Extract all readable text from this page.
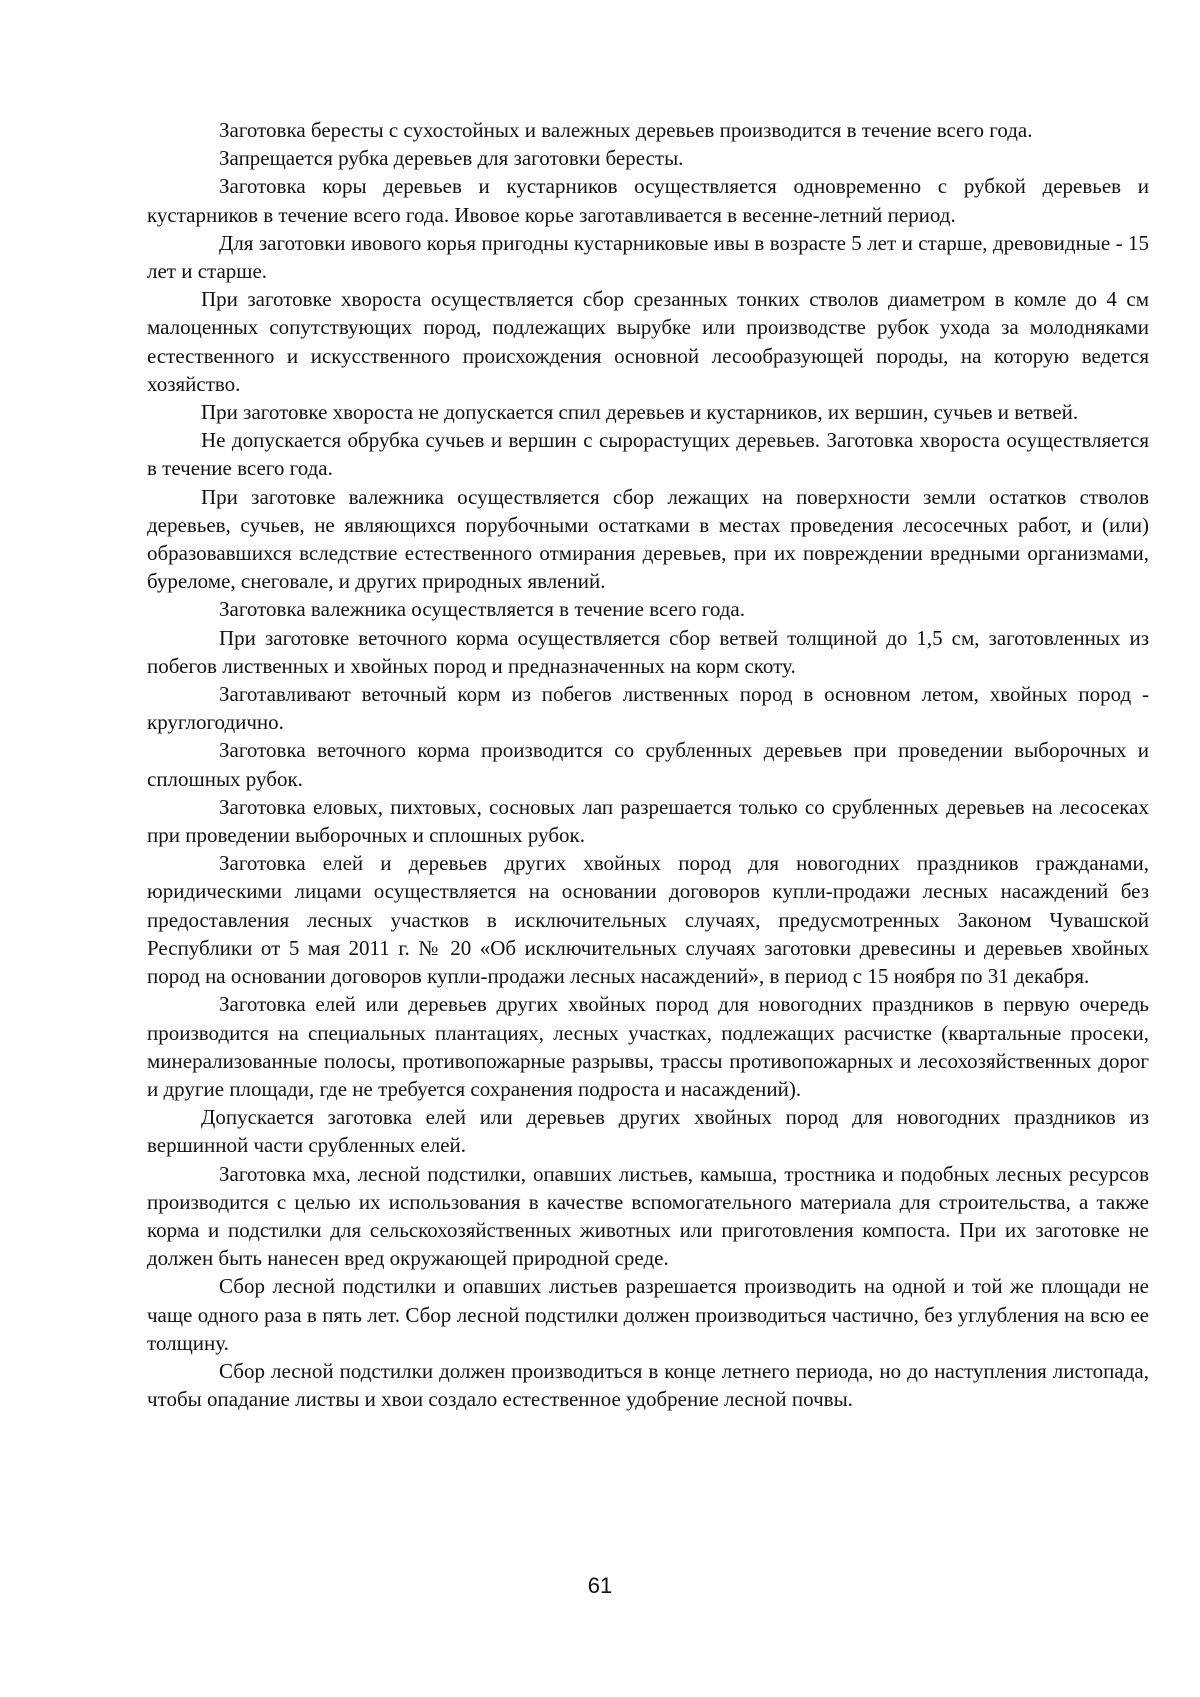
Заготовка бересты с сухостойных и валежных деревьев производится в течение всего года.

Запрещается рубка деревьев для заготовки бересты.

Заготовка коры деревьев и кустарников осуществляется одновременно с рубкой деревьев и кустарников в течение всего года. Ивовое корье заготавливается в весенне-летний период.

Для заготовки ивового корья пригодны кустарниковые ивы в возрасте 5 лет и старше, древовидные - 15 лет и старше.

При заготовке хвороста осуществляется сбор срезанных тонких стволов диаметром в комле до 4 см малоценных сопутствующих пород, подлежащих вырубке или производстве рубок ухода за молодняками естественного и искусственного происхождения основной лесообразующей породы, на которую ведется хозяйство.

При заготовке хвороста не допускается спил деревьев и кустарников, их вершин, сучьев и ветвей.

Не допускается обрубка сучьев и вершин с сырорастущих деревьев. Заготовка хвороста осуществляется в течение всего года.

При заготовке валежника осуществляется сбор лежащих на поверхности земли остатков стволов деревьев, сучьев, не являющихся порубочными остатками в местах проведения лесосечных работ, и (или) образовавшихся вследствие естественного отмирания деревьев, при их повреждении вредными организмами, буреломе, снеговале, и других природных явлений.

Заготовка валежника осуществляется в течение всего года.

При заготовке веточного корма осуществляется сбор ветвей толщиной до 1,5 см, заготовленных из побегов лиственных и хвойных пород и предназначенных на корм скоту.

Заготавливают веточный корм из побегов лиственных пород в основном летом, хвойных пород - круглогодично.

Заготовка веточного корма производится со срубленных деревьев при проведении выборочных и сплошных рубок.

Заготовка еловых, пихтовых, сосновых лап разрешается только со срубленных деревьев на лесосеках при проведении выборочных и сплошных рубок.

Заготовка елей и деревьев других хвойных пород для новогодних праздников гражданами, юридическими лицами осуществляется на основании договоров купли-продажи лесных насаждений без предоставления лесных участков в исключительных случаях, предусмотренных Законом Чувашской Республики от 5 мая 2011 г. № 20 «Об исключительных случаях заготовки древесины и деревьев хвойных пород на основании договоров купли-продажи лесных насаждений», в период с 15 ноября по 31 декабря.

Заготовка елей или деревьев других хвойных пород для новогодних праздников в первую очередь производится на специальных плантациях, лесных участках, подлежащих расчистке (квартальные просеки, минерализованные полосы, противопожарные разрывы, трассы противопожарных и лесохозяйственных дорог и другие площади, где не требуется сохранения подроста и насаждений).

Допускается заготовка елей или деревьев других хвойных пород для новогодних праздников из вершинной части срубленных елей.

Заготовка мха, лесной подстилки, опавших листьев, камыша, тростника и подобных лесных ресурсов производится с целью их использования в качестве вспомогательного материала для строительства, а также корма и подстилки для сельскохозяйственных животных или приготовления компоста. При их заготовке не должен быть нанесен вред окружающей природной среде.

Сбор лесной подстилки и опавших листьев разрешается производить на одной и той же площади не чаще одного раза в пять лет. Сбор лесной подстилки должен производиться частично, без углубления на всю ее толщину.

Сбор лесной подстилки должен производиться в конце летнего периода, но до наступления листопада, чтобы опадание листвы и хвои создало естественное удобрение лесной почвы.

61
